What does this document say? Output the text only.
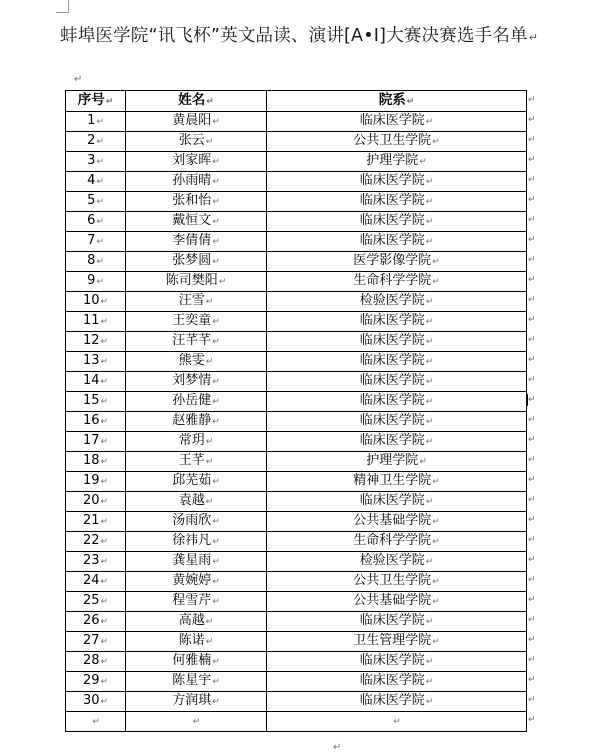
蚌埠医学院“讯飞杯”英文品读、演讲[A•I]大赛决赛选手名单↵
↵
序号↵	姓名↵	院系↵
1↵	黄晨阳↵	临床医学院↵
2↵	张云↵	公共卫生学院↵
3↵	刘家晖↵	护理学院↵
4↵	孙雨晴↵	临床医学院↵
5↵	张和怡↵	临床医学院↵
6↵	戴恒文↵	临床医学院↵
7↵	李倩倩↵	临床医学院↵
8↵	张梦圆↵	医学影像学院↵
9↵	陈司樊阳↵	生命科学学院↵
10↵	汪雪↵	检验医学院↵
11↵	王奕童↵	临床医学院↵
12↵	汪芊芊↵	临床医学院↵
13↵	熊雯↵	临床医学院↵
14↵	刘梦情↵	临床医学院↵
15↵	孙岳健↵	临床医学院↵
16↵	赵雅静↵	临床医学院↵
17↵	常玥↵	临床医学院↵
18↵	王芊↵	护理学院↵
19↵	邱芜茹↵	精神卫生学院↵
20↵	袁越↵	临床医学院↵
21↵	汤雨欣↵	公共基础学院↵
22↵	徐祎凡↵	生命科学学院↵
23↵	龚星雨↵	检验医学院↵
24↵	黄婉婷↵	公共卫生学院↵
25↵	程雪芹↵	公共基础学院↵
26↵	高越↵	临床医学院↵
27↵	陈诺↵	卫生管理学院↵
28↵	何雅楠↵	临床医学院↵
29↵	陈星宇↵	临床医学院↵
30↵	方润琪↵	临床医学院↵
↵	↵	↵
↵
↵
↵
↵
↵
↵
↵
↵
↵
↵
↵
↵
↵
↵
↵
↵
↵
↵
↵
↵
↵
↵
↵
↵
↵
↵
↵
↵
↵
↵
↵
↵
↵
